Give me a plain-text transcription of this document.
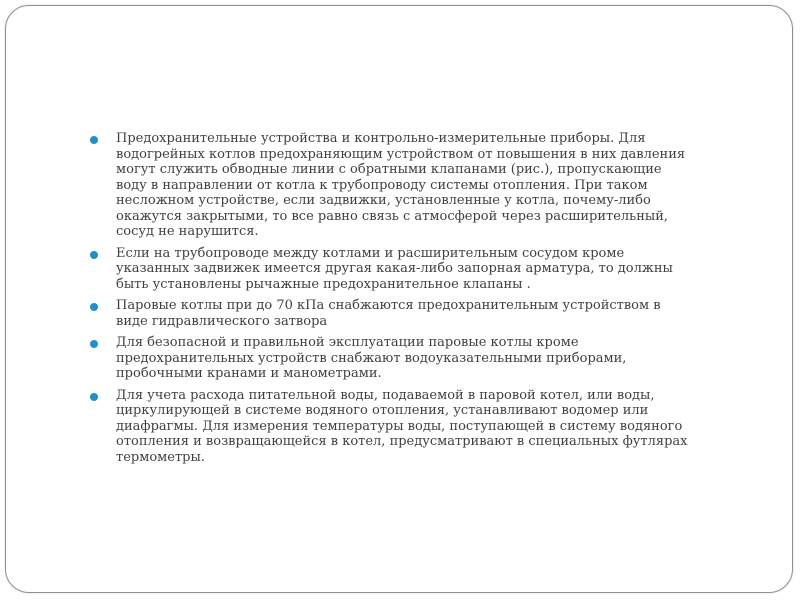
Предохранительные устройства и контрольно-измерительные приборы. Для
водогрейных котлов предохраняющим устройством от повышения в них давления
могут служить обводные линии с обратными клапанами (рис.), пропускающие
воду в направлении от котла к трубопроводу системы отопления. При таком
несложном устройстве, если задвижки, установленные у котла, почему-либо
окажутся закрытыми, то все равно связь с атмосферой через расширительный,
сосуд не нарушится.
Если на трубопроводе между котлами и расширительным сосудом кроме
указанных задвижек имеется другая какая-либо запорная арматура, то должны
быть установлены рычажные предохранительное клапаны .
Паровые котлы при до 70 кПа снабжаются предохранительным устройством в
виде гидравлического затвора
Для безопасной и правильной эксплуатации паровые котлы кроме
предохранительных устройств снабжают водоуказательными приборами,
пробочными кранами и манометрами.
Для учета расхода питательной воды, подаваемой в паровой котел, или воды,
циркулирующей в системе водяного отопления, устанавливают водомер или
диафрагмы. Для измерения температуры воды, поступающей в систему водяного
отопления и возвращающейся в котел, предусматривают в специальных футлярах
термометры.
